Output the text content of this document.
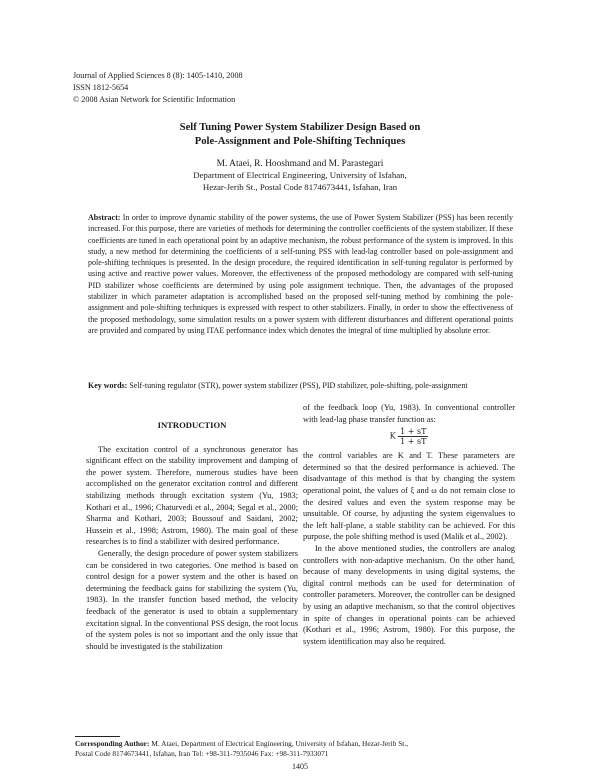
Journal of Applied Sciences 8 (8): 1405-1410, 2008
ISSN 1812-5654
© 2008 Asian Network for Scientific Information
Self Tuning Power System Stabilizer Design Based on
Pole-Assignment and Pole-Shifting Techniques
M. Ataei, R. Hooshmand and M. Parastegari
Department of Electrical Engineering, University of Isfahan,
Hezar-Jerib St., Postal Code 8174673441, Isfahan, Iran
Abstract: In order to improve dynamic stability of the power systems, the use of Power System Stabilizer (PSS) has been recently increased. For this purpose, there are varieties of methods for determining the controller coefficients of the system stabilizer. If these coefficients are tuned in each operational point by an adaptive mechanism, the robust performance of the system is improved. In this study, a new method for determining the coefficients of a self-tuning PSS with lead-lag controller based on pole-assignment and pole-shifting techniques is presented. In the design procedure, the required identification in self-tuning regulator is performed by using active and reactive power values. Moreover, the effectiveness of the proposed methodology are compared with self-tuning PID stabilizer whose coefficients are determined by using pole assignment technique. Then, the advantages of the proposed stabilizer in which parameter adaptation is accomplished based on the proposed self-tuning method by combining the pole-assignment and pole-shifting techniques is expressed with respect to other stabilizers. Finally, in order to show the effectiveness of the proposed methodology, some simulation results on a power system with different disturbances and different operational points are provided and compared by using ITAE performance index which denotes the integral of time multiplied by absolute error.
Key words: Self-tuning regulator (STR), power system stabilizer (PSS), PID stabilizer, pole-shifting, pole-assignment
INTRODUCTION

The excitation control of a synchronous generator has significant effect on the stability improvement and damping of the power system. Therefore, numerous studies have been accomplished on the generator excitation control and different stabilizing methods through excitation system (Yu, 1983; Kothari et al., 1996; Chaturvedi et al., 2004; Segal et al., 2000; Sharma and Kothari, 2003; Boussouf and Saidani, 2002; Hussein et al., 1998; Astrom, 1980). The main goal of these researches is to find a stabilizer with desired performance.

Generally, the design procedure of power system stabilizers can be considered in two categories. One method is based on control design for a power system and the other is based on determining the feedback gains for stabilizing the system (Yu, 1983). In the transfer function based method, the velocity feedback of the generator is used to obtain a supplementary excitation signal. In the conventional PSS design, the root locus of the system poles is not so important and the only issue that should be investigated is the stabilization

of the feedback loop (Yu, 1983). In conventional controller with lead-lag phase transfer function as:

K $\frac{1 + sT}{1 + sT}$

the control variables are K and T. These parameters are determined so that the desired performance is achieved. The disadvantage of this method is that by changing the system operational point, the values of ξ and ω do not remain close to the desired values and even the system response may be unsuitable. Of course, by adjusting the system eigenvalues to the left half-plane, a stable stability can be achieved. For this purpose, the pole shifting method is used (Malik et al., 2002).

In the above mentioned studies, the controllers are analog controllers with non-adaptive mechanism. On the other hand, because of many developments in using digital systems, the digital control methods can be used for determination of controller parameters. Moreover, the controller can be designed by using an adaptive mechanism, so that the control objectives in spite of changes in operational points can be achieved (Kothari et al., 1996; Astrom, 1980). For this purpose, the system identification may also be required.

Corresponding Author: M. Ataei, Department of Electrical Engineering, University of Isfahan, Hezar-Jerib St.,
Postal Code 8174673441, Isfahan, Iran Tel: +98-311-7935046 Fax: +98-311-7933071
1405
